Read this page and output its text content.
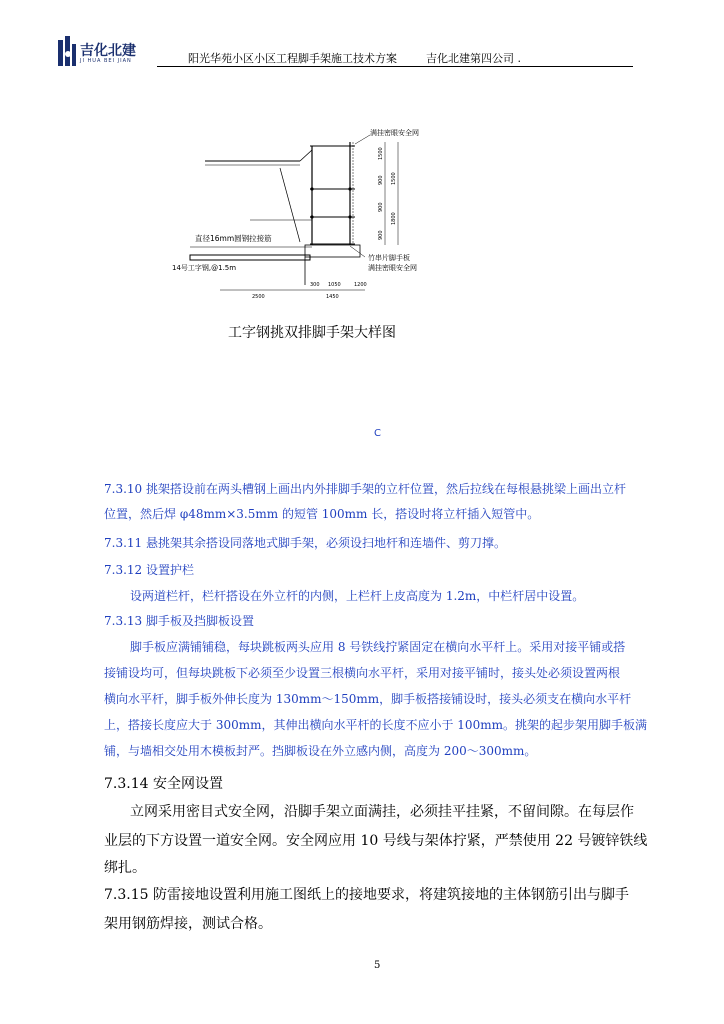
吉化北建
JI HUA BEI JIAN	阳光华苑小区小区工程脚手架施工技术方案	吉化北建第四公司 .
1500
900 1500
900
1800
900
2500
300 1050
1450
1200
满挂密眼安全网
直径16mm圆钢拉接筋
14号工字钢,@1.5m
竹串片脚手板
满挂密眼安全网
工字钢挑双排脚手架大样图
C
7.3.10 挑架搭设前在两头槽钢上画出内外排脚手架的立杆位置，然后拉线在每根悬挑梁上画出立杆
位置，然后焊 φ48mm×3.5mm 的短管 100mm 长，搭设时将立杆插入短管中。
7.3.11 悬挑架其余搭设同落地式脚手架，必须设扫地杆和连墙件、剪刀撑。
7.3.12 设置护栏
设两道栏杆，栏杆搭设在外立杆的内侧，上栏杆上皮高度为 1.2m，中栏杆居中设置。
7.3.13 脚手板及挡脚板设置
脚手板应满铺铺稳，每块跳板两头应用 8 号铁线拧紧固定在横向水平杆上。采用对接平铺或搭
接铺设均可，但每块跳板下必须至少设置三根横向水平杆，采用对接平铺时，接头处必须设置两根
横向水平杆，脚手板外伸长度为 130mm～150mm，脚手板搭接铺设时，接头必须支在横向水平杆
上，搭接长度应大于 300mm，其伸出横向水平杆的长度不应小于 100mm。挑架的起步架用脚手板满
铺，与墙相交处用木模板封严。挡脚板设在外立感内侧，高度为 200～300mm。
7.3.14 安全网设置
立网采用密目式安全网，沿脚手架立面满挂，必须挂平挂紧，不留间隙。在每层作
业层的下方设置一道安全网。安全网应用 10 号线与架体拧紧，严禁使用 22 号镀锌铁线
绑扎。
7.3.15 防雷接地设置利用施工图纸上的接地要求，将建筑接地的主体钢筋引出与脚手
架用钢筋焊接，测试合格。
5
